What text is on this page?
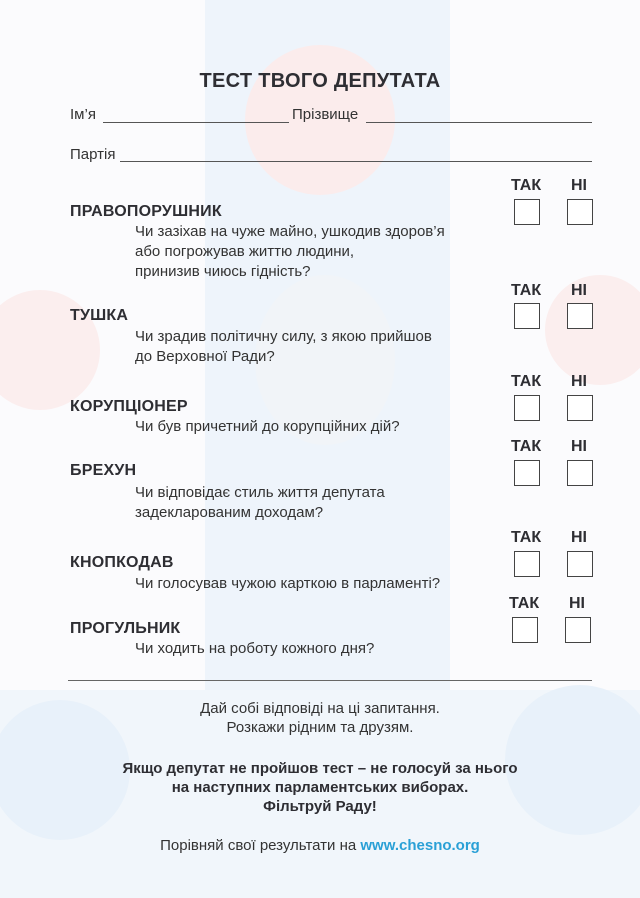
ТЕСТ ТВОГО ДЕПУТАТА
Ім’я	Прізвище
Партія
ТАК НІ
ПРАВОПОРУШНИК
Чи зазіхав на чуже майно, ушкодив здоров’я
або погрожував життю людини,
принизив чиюсь гідність?
ТАК НІ
ТУШКА
Чи зрадив політичну силу, з якою прийшов
до Верховної Ради?
ТАК НІ
КОРУПЦІОНЕР
Чи був причетний до корупційних дій?
ТАК НІ
БРЕХУН
Чи відповідає стиль життя депутата
задекларованим доходам?
ТАК НІ
КНОПКОДАВ
Чи голосував чужою карткою в парламенті?
ТАК НІ
ПРОГУЛЬНИК
Чи ходить на роботу кожного дня?
Дай собі відповіді на ці запитання.
Розкажи рідним та друзям.
Якщо депутат не пройшов тест – не голосуй за нього
на наступних парламентських виборах.
Фільтруй Раду!
Порівняй свої результати на www.chesno.org
